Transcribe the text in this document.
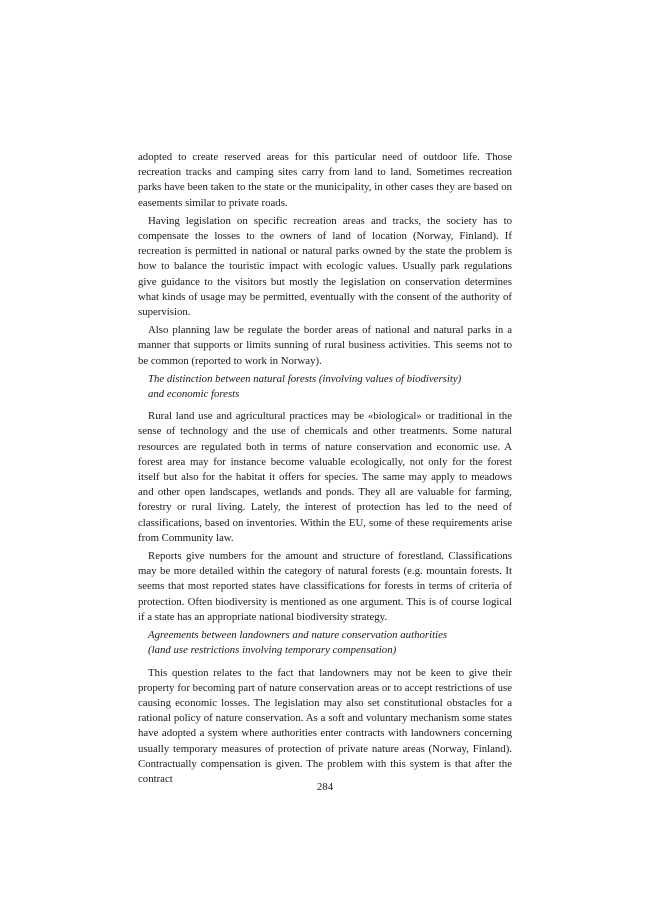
adopted to create reserved areas for this particular need of outdoor life. Those recreation tracks and camping sites carry from land to land. Sometimes recreation parks have been taken to the state or the municipality, in other cases they are based on easements similar to private roads.

Having legislation on specific recreation areas and tracks, the society has to compensate the losses to the owners of land of location (Norway, Finland). If recreation is permitted in national or natural parks owned by the state the problem is how to balance the touristic impact with ecologic values. Usually park regulations give guidance to the visitors but mostly the legislation on conservation determines what kinds of usage may be permitted, eventually with the consent of the authority of supervision.

Also planning law be regulate the border areas of national and natural parks in a manner that supports or limits sunning of rural business activities. This seems not to be common (reported to work in Norway).

The distinction between natural forests (involving values of biodiversity)
and economic forests

Rural land use and agricultural practices may be «biological» or traditional in the sense of technology and the use of chemicals and other treatments. Some natural resources are regulated both in terms of nature conservation and economic use. A forest area may for instance become valuable ecologically, not only for the forest itself but also for the habitat it offers for species. The same may apply to meadows and other open landscapes, wetlands and ponds. They all are valuable for farming, forestry or rural living. Lately, the interest of protection has led to the need of classifications, based on inventories. Within the EU, some of these requirements arise from Community law.

Reports give numbers for the amount and structure of forestland. Classifications may be more detailed within the category of natural forests (e.g. mountain forests. It seems that most reported states have classifications for forests in terms of criteria of protection. Often biodiversity is mentioned as one argument. This is of course logical if a state has an appropriate national biodiversity strategy.

Agreements between landowners and nature conservation authorities
(land use restrictions involving temporary compensation)

This question relates to the fact that landowners may not be keen to give their property for becoming part of nature conservation areas or to accept restrictions of use causing economic losses. The legislation may also set constitutional obstacles for a rational policy of nature conservation. As a soft and voluntary mechanism some states have adopted a system where authorities enter contracts with landowners concerning usually temporary measures of protection of private nature areas (Norway, Finland). Contractually compensation is given. The problem with this system is that after the contract

284
